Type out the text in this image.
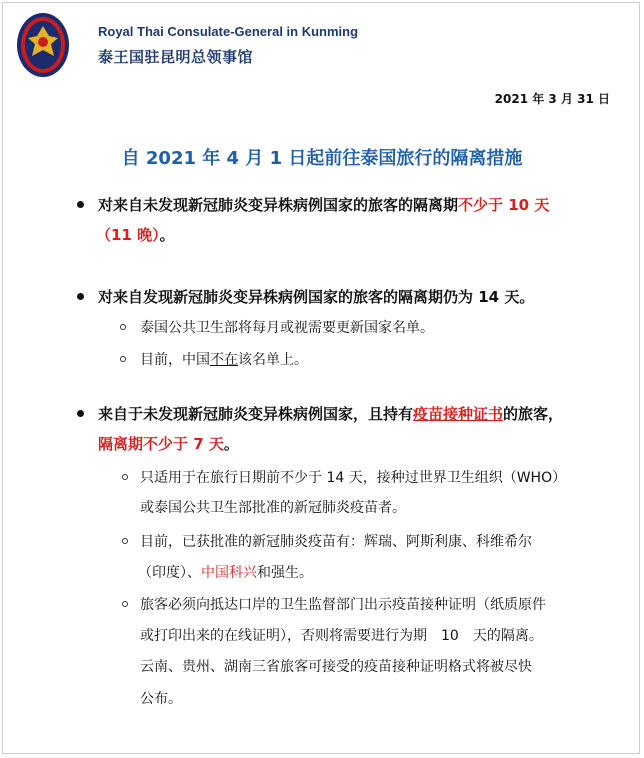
Royal Thai Consulate-General in Kunming
泰王国驻昆明总领事馆
2021 年 3 月 31 日
自 2021 年 4 月 1 日起前往泰国旅行的隔离措施
对来自未发现新冠肺炎变异株病例国家的旅客的隔离期不少于 10 天
（11 晚）。
对来自发现新冠肺炎变异株病例国家的旅客的隔离期仍为 14 天。
泰国公共卫生部将每月或视需要更新国家名单。
目前，中国不在该名单上。
来自于未发现新冠肺炎变异株病例国家，且持有疫苗接种证书的旅客，
隔离期不少于 7 天。
只适用于在旅行日期前不少于 14 天，接种过世界卫生组织（WHO）
或泰国公共卫生部批准的新冠肺炎疫苗者。
目前，已获批准的新冠肺炎疫苗有：辉瑞、阿斯利康、科维希尔
（印度）、中国科兴和强生。
旅客必须向抵达口岸的卫生监督部门出示疫苗接种证明（纸质原件
或打印出来的在线证明），否则将需要进行为期　10　天的隔离。
云南、贵州、湖南三省旅客可接受的疫苗接种证明格式将被尽快
公布。
